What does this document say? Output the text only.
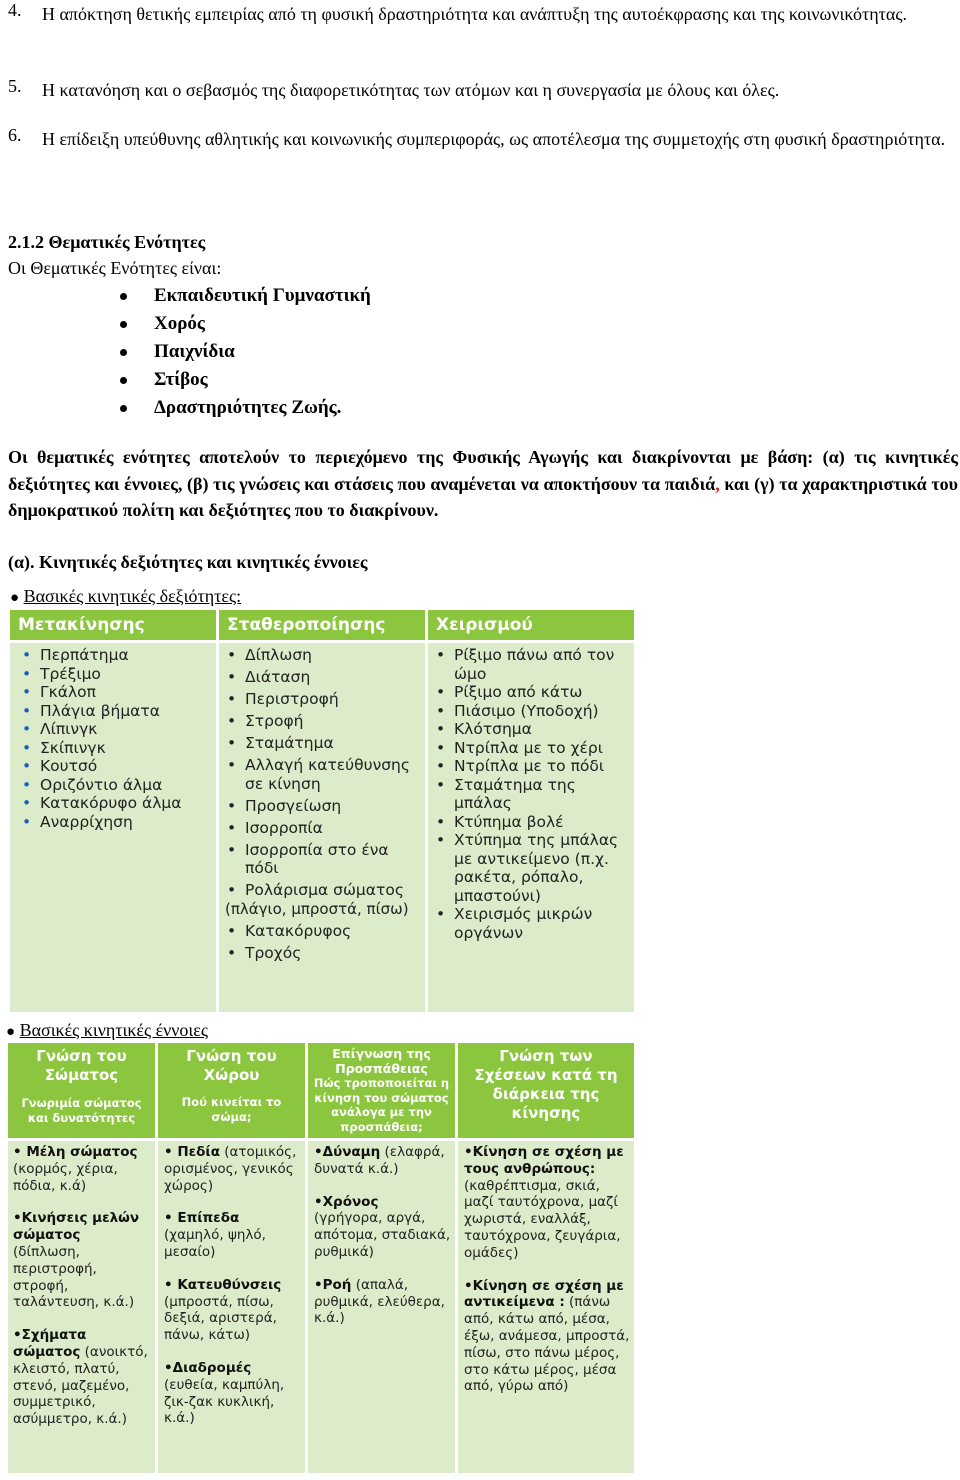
4. Η απόκτηση θετικής εμπειρίας από τη φυσική δραστηριότητα και ανάπτυξη της αυτοέκφρασης και της κοινωνικότητας.
5. Η κατανόηση και ο σεβασμός της διαφορετικότητας των ατόμων και η συνεργασία με όλους και όλες.
6. Η επίδειξη υπεύθυνης αθλητικής και κοινωνικής συμπεριφοράς, ως αποτέλεσμα της συμμετοχής στη φυσική δραστηριότητα.
2.1.2 Θεματικές Ενότητες
Οι Θεματικές Ενότητες είναι:
Εκπαιδευτική Γυμναστική
Χορός
Παιχνίδια
Στίβος
Δραστηριότητες Ζωής.
Οι θεματικές ενότητες αποτελούν το περιεχόμενο της Φυσικής Αγωγής και διακρίνονται με βάση: (α) τις κινητικές δεξιότητες και έννοιες, (β) τις γνώσεις και στάσεις που αναμένεται να αποκτήσουν τα παιδιά, και (γ) τα χαρακτηριστικά του δημοκρατικού πολίτη και δεξιότητες που το διακρίνουν.
(α). Κινητικές δεξιότητες και κινητικές έννοιες
● Βασικές κινητικές δεξιότητες:
Μετακίνησης	Σταθεροποίησης	Χειρισμού
• Περπάτημα
• Τρέξιμο
• Γκάλοπ
• Πλάγια βήματα
• Λίπινγκ
• Σκίπινγκ
• Κουτσό
• Οριζόντιο άλμα
• Κατακόρυφο άλμα
• Αναρρίχηση
• Δίπλωση
• Διάταση
• Περιστροφή
• Στροφή
• Σταμάτημα
• Αλλαγή κατεύθυνσης σε κίνηση
• Προσγείωση
• Ισορροπία
• Ισορροπία στο ένα πόδι
• Ρολάρισμα σώματος
(πλάγιο, μπροστά, πίσω)
• Κατακόρυφος
• Τροχός
• Ρίξιμο πάνω από τον ώμο
• Ρίξιμο από κάτω
• Πιάσιμο (Υποδοχή)
• Κλότσημα
• Ντρίπλα με το χέρι
• Ντρίπλα με το πόδι
• Σταμάτημα της μπάλας
• Κτύπημα βολέ
• Χτύπημα της μπάλας με αντικείμενο (π.χ. ρακέτα, ρόπαλο, μπαστούνι)
• Χειρισμός μικρών οργάνων
● Βασικές κινητικές έννοιες
Γνώση του Σώματος
Γνωριμία σώματος και δυνατότητες
Γνώση του Χώρου
Πού κινείται το σώμα;
Επίγνωση της Προσπάθειας
Πώς τροποποιείται η κίνηση του σώματος ανάλογα με την προσπάθεια;
Γνώση των Σχέσεων κατά τη διάρκεια της κίνησης
• Μέλη σώματος (κορμός, χέρια, πόδια, κ.ά)
•Κινήσεις μελών σώματος (δίπλωση, περιστροφή, στροφή, ταλάντευση, κ.ά.)
•Σχήματα σώματος (ανοικτό, κλειστό, πλατύ, στενό, μαζεμένο, συμμετρικό, ασύμμετρο, κ.ά.)
• Πεδία (ατομικός, ορισμένος, γενικός χώρος)
• Επίπεδα (χαμηλό, ψηλό, μεσαίο)
• Κατευθύνσεις (μπροστά, πίσω, δεξιά, αριστερά, πάνω, κάτω)
•Διαδρομές (ευθεία, καμπύλη, ζικ-ζακ κυκλική, κ.ά.)
•Δύναμη (ελαφρά, δυνατά κ.ά.)
•Χρόνος (γρήγορα, αργά, απότομα, σταδιακά, ρυθμικά)
•Ροή (απαλά, ρυθμικά, ελεύθερα, κ.ά.)
•Κίνηση σε σχέση με τους ανθρώπους: (καθρέπτισμα, σκιά, μαζί ταυτόχρονα, μαζί χωριστά, εναλλάξ, ταυτόχρονα, ζευγάρια, ομάδες)
•Κίνηση σε σχέση με αντικείμενα : (πάνω από, κάτω από, μέσα, έξω, ανάμεσα, μπροστά, πίσω, στο πάνω μέρος, στο κάτω μέρος, μέσα από, γύρω από)
